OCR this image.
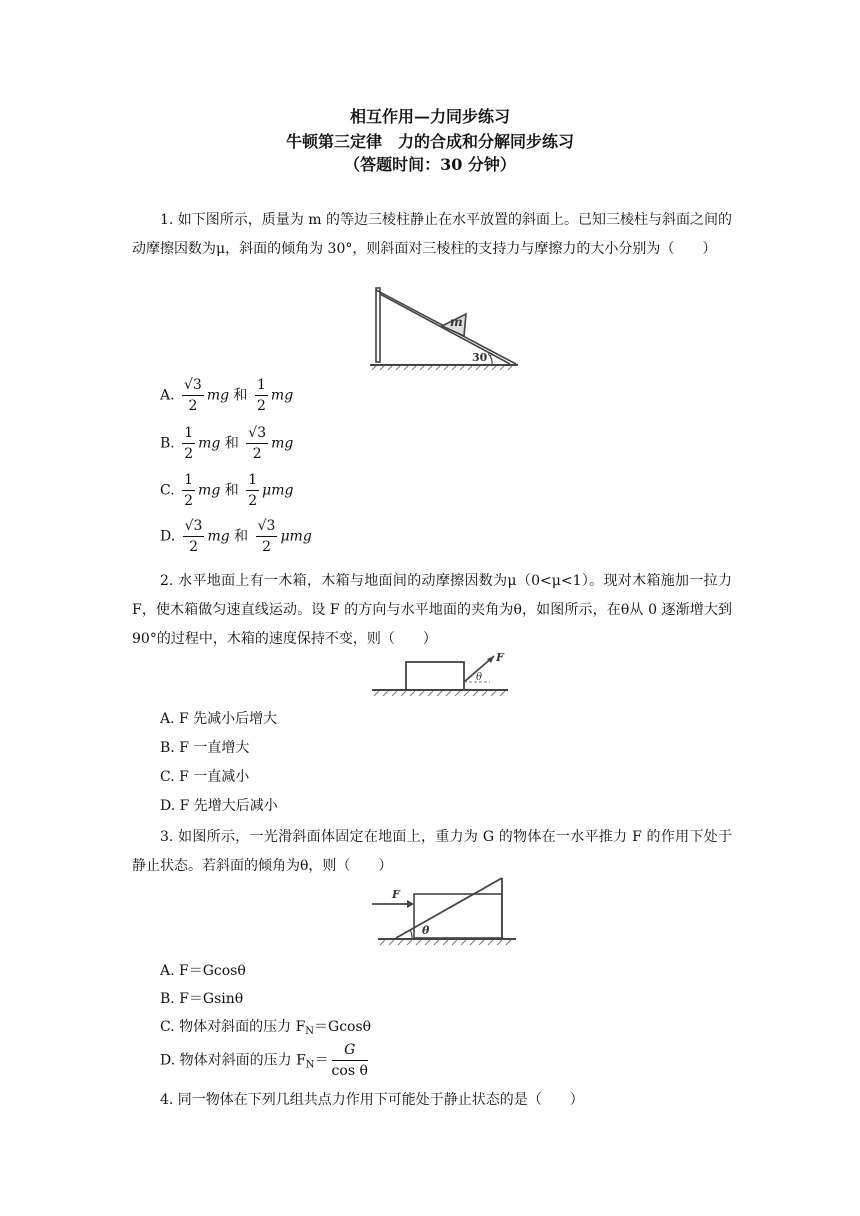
相互作用—力同步练习
牛顿第三定律　力的合成和分解同步练习
（答题时间：30 分钟）
1. 如下图所示，质量为 m 的等边三棱柱静止在水平放置的斜面上。已知三棱柱与斜面之间的动摩擦因数为μ，斜面的倾角为 30°，则斜面对三棱柱的支持力与摩擦力的大小分别为（　　）
m
30°
A. $\frac{√3}{2}$ mg 和 $\frac{1}{2}$ mg
B. $\frac{1}{2}$ mg 和 $\frac{√3}{2}$ mg
C. $\frac{1}{2}$ mg 和 $\frac{1}{2}$ μmg
D. $\frac{√3}{2}$ mg 和 $\frac{√3}{2}$ μmg
2. 水平地面上有一木箱，木箱与地面间的动摩擦因数为μ（0<μ<1）。现对木箱施加一拉力 F，使木箱做匀速直线运动。设 F 的方向与水平地面的夹角为θ，如图所示，在θ从 0 逐渐增大到 90°的过程中，木箱的速度保持不变，则（　　）
F
θ
A. F 先减小后增大
B. F 一直增大
C. F 一直减小
D. F 先增大后减小
3. 如图所示，一光滑斜面体固定在地面上，重力为 G 的物体在一水平推力 F 的作用下处于静止状态。若斜面的倾角为θ，则（　　）
F
θ
A. F＝Gcosθ
B. F＝Gsinθ
C. 物体对斜面的压力 $F_N=Gcos\theta$
D. 物体对斜面的压力 $F_N= \frac{G}{\text{cos θ}}$
4. 同一物体在下列几组共点力作用下可能处于静止状态的是（　　）
